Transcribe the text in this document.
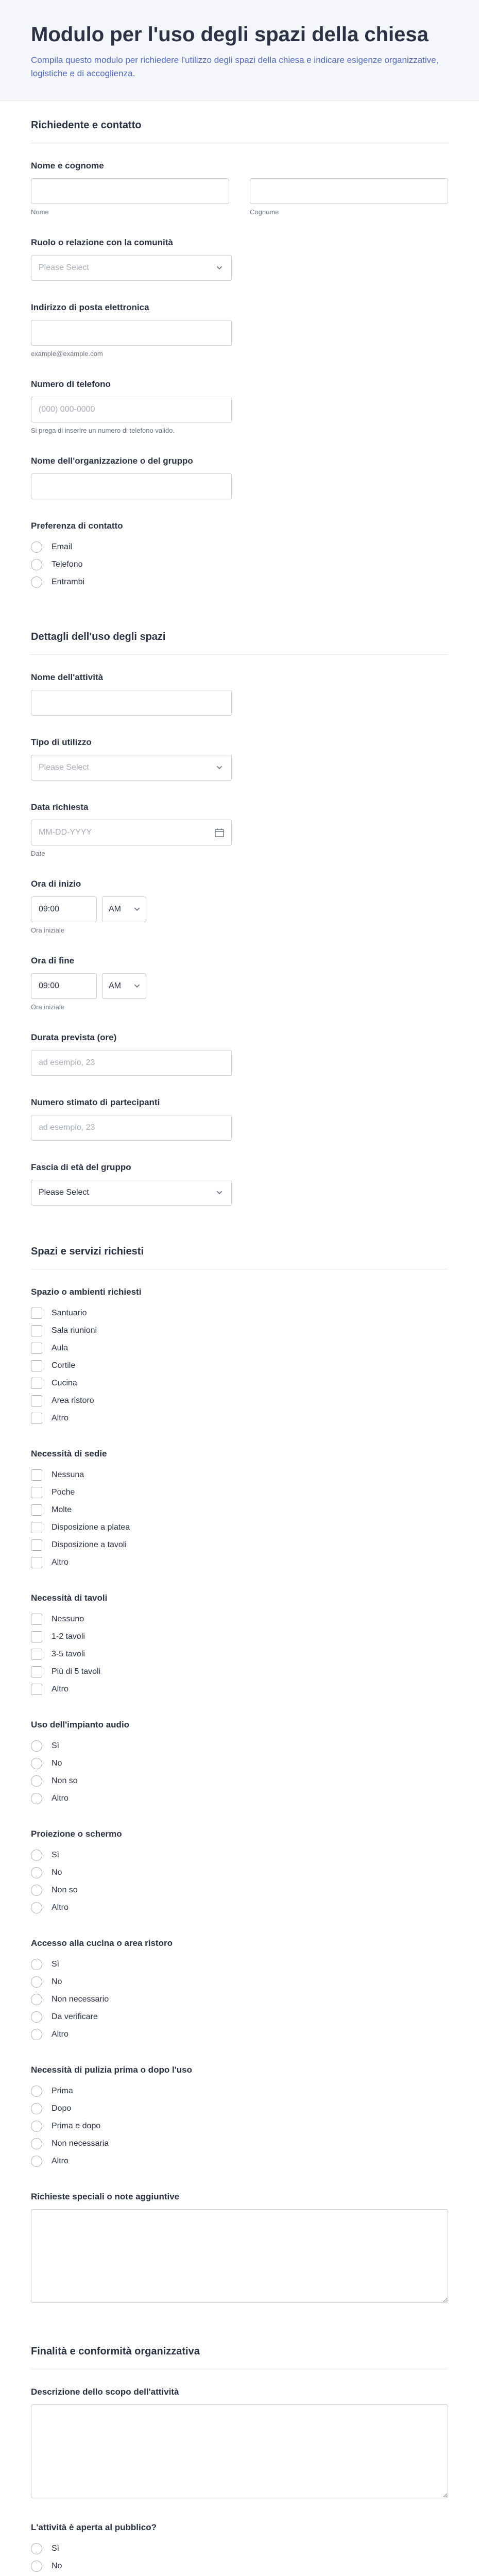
Modulo per l'uso degli spazi della chiesa

Compila questo modulo per richiedere l'utilizzo degli spazi della chiesa e indicare esigenze organizzative, logistiche e di accoglienza.

Richiedente e contatto
Nome e cognome
Nome	Cognome
Ruolo o relazione con la comunità
Please Select
Indirizzo di posta elettronica
example@example.com
Numero di telefono
(000) 000-0000
Si prega di inserire un numero di telefono valido.
Nome dell'organizzazione o del gruppo
Preferenza di contatto
Email
Telefono
Entrambi
Dettagli dell'uso degli spazi
Nome dell'attività
Tipo di utilizzo
Please Select
Data richiesta
MM-DD-YYYY
Date
Ora di inizio
09:00
AM
Ora iniziale
Ora di fine
09:00
AM
Ora iniziale
Durata prevista (ore)
ad esempio, 23
Numero stimato di partecipanti
ad esempio, 23
Fascia di età del gruppo
Please Select
Spazi e servizi richiesti
Spazio o ambienti richiesti
Santuario
Sala riunioni
Aula
Cortile
Cucina
Area ristoro
Altro
Necessità di sedie
Nessuna
Poche
Molte
Disposizione a platea
Disposizione a tavoli
Altro
Necessità di tavoli
Nessuno
1-2 tavoli
3-5 tavoli
Più di 5 tavoli
Altro
Uso dell'impianto audio
Sì
No
Non so
Altro
Proiezione o schermo
Sì
No
Non so
Altro
Accesso alla cucina o area ristoro
Sì
No
Non necessario
Da verificare
Altro
Necessità di pulizia prima o dopo l'uso
Prima
Dopo
Prima e dopo
Non necessaria
Altro
Richieste speciali o note aggiuntive
Finalità e conformità organizzativa
Descrizione dello scopo dell'attività
L'attività è aperta al pubblico?
Sì
No
